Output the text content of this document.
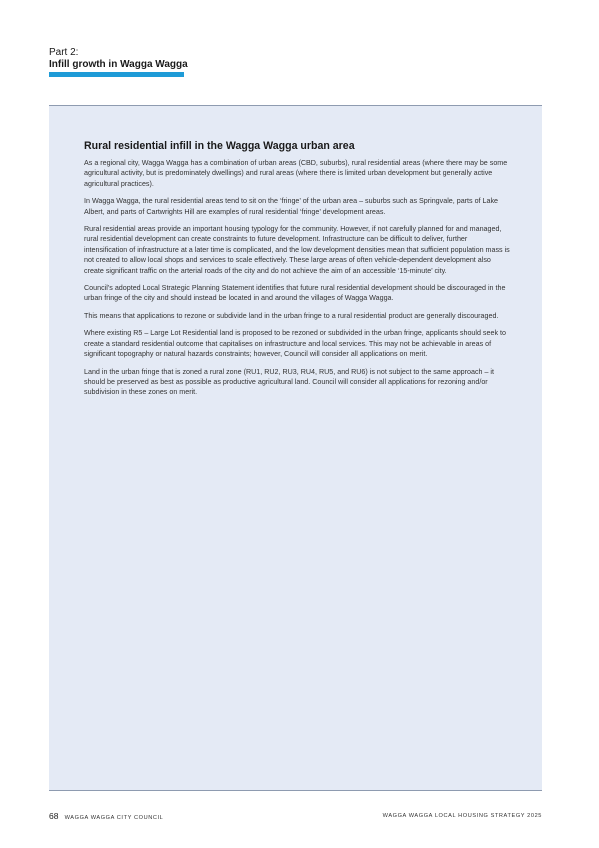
Part 2:
Infill growth in Wagga Wagga
Rural residential infill in the Wagga Wagga urban area

As a regional city, Wagga Wagga has a combination of urban areas (CBD, suburbs), rural residential areas (where there may be some agricultural activity, but is predominately dwellings) and rural areas (where there is limited urban development but generally active agricultural practices).

In Wagga Wagga, the rural residential areas tend to sit on the ‘fringe’ of the urban area – suburbs such as Springvale, parts of Lake Albert, and parts of Cartwrights Hill are examples of rural residential ‘fringe’ development areas.

Rural residential areas provide an important housing typology for the community. However, if not carefully planned for and managed, rural residential development can create constraints to future development. Infrastructure can be difficult to deliver, further intensification of infrastructure at a later time is complicated, and the low development densities mean that sufficient population mass is not created to allow local shops and services to scale effectively. These large areas of often vehicle-dependent development also create significant traffic on the arterial roads of the city and do not achieve the aim of an accessible ‘15-minute’ city.

Council’s adopted Local Strategic Planning Statement identifies that future rural residential development should be discouraged in the urban fringe of the city and should instead be located in and around the villages of Wagga Wagga.

This means that applications to rezone or subdivide land in the urban fringe to a rural residential product are generally discouraged.

Where existing R5 – Large Lot Residential land is proposed to be rezoned or subdivided in the urban fringe, applicants should seek to create a standard residential outcome that capitalises on infrastructure and local services. This may not be achievable in areas of significant topography or natural hazards constraints; however, Council will consider all applications on merit.

Land in the urban fringe that is zoned a rural zone (RU1, RU2, RU3, RU4, RU5, and RU6) is not subject to the same approach – it should be preserved as best as possible as productive agricultural land. Council will consider all applications for rezoning and/or subdivision in these zones on merit.

68 WAGGA WAGGA CITY COUNCIL	WAGGA WAGGA LOCAL HOUSING STRATEGY 2025
